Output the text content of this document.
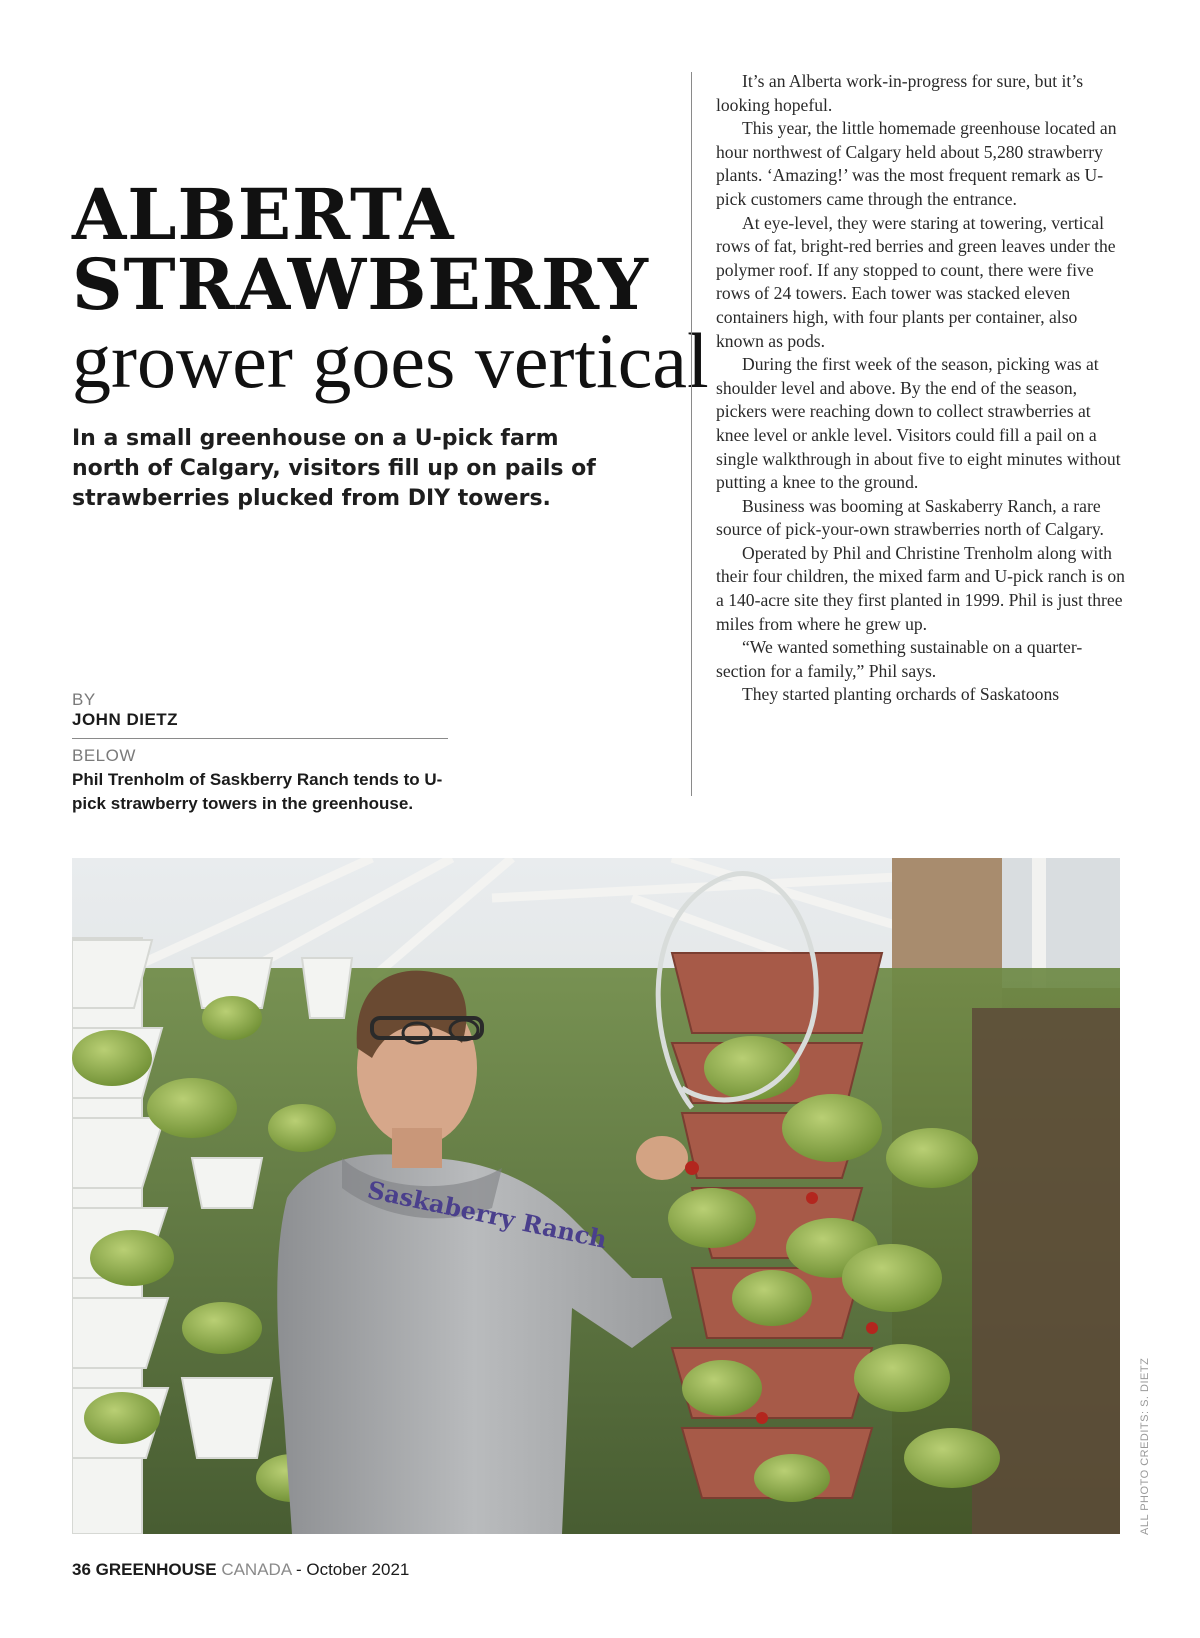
ALBERTA
STRAWBERRY
grower goes vertical

In a small greenhouse on a U-pick farm north of Calgary, visitors fill up on pails of strawberries plucked from DIY towers.

BY
JOHN DIETZ
BELOW

Phil Trenholm of Saskberry Ranch tends to U-pick strawberry towers in the greenhouse.

It’s an Alberta work-in-progress for sure, but it’s looking hopeful.

This year, the little homemade greenhouse located an hour northwest of Calgary held about 5,280 strawberry plants. ‘Amazing!’ was the most frequent remark as U-pick customers came through the entrance.

At eye-level, they were staring at towering, vertical rows of fat, bright-red berries and green leaves under the polymer roof. If any stopped to count, there were five rows of 24 towers. Each tower was stacked eleven containers high, with four plants per container, also known as pods.

During the first week of the season, picking was at shoulder level and above. By the end of the season, pickers were reaching down to collect strawberries at knee level or ankle level. Visitors could fill a pail on a single walkthrough in about five to eight minutes without putting a knee to the ground.

Business was booming at Saskaberry Ranch, a rare source of pick-your-own strawberries north of Calgary.

Operated by Phil and Christine Trenholm along with their four children, the mixed farm and U-pick ranch is on a 140-acre site they first planted in 1999. Phil is just three miles from where he grew up.

“We wanted something sustainable on a quarter-section for a family,” Phil says.

They started planting orchards of Saskatoons

Saskaberry Ranch
ALL PHOTO CREDITS: S. DIETZ
36 GREENHOUSE CANADA - October 2021
